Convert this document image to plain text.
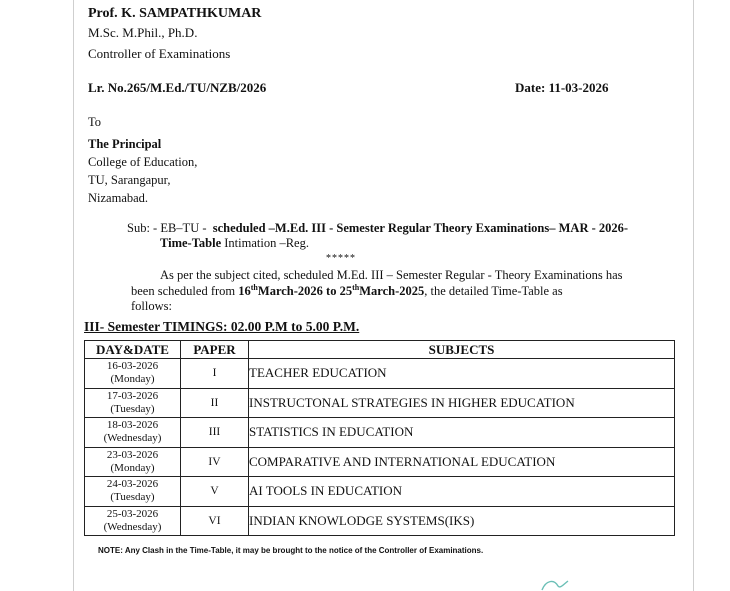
Prof. K. SAMPATHKUMAR
M.Sc. M.Phil., Ph.D.
Controller of Examinations
Lr. No.265/M.Ed./TU/NZB/2026	Date: 11-03-2026
To
The Principal
College of Education,
TU, Sarangapur,
Nizamabad.
Sub: - EB–TU - scheduled –M.Ed. III - Semester Regular Theory Examinations– MAR - 2026-
Time-Table Intimation –Reg.
*****
As per the subject cited, scheduled M.Ed. III – Semester Regular - Theory Examinations has
been scheduled from 16thMarch-2026 to 25thMarch-2025, the detailed Time-Table as
follows:
III- Semester TIMINGS: 02.00 P.M to 5.00 P.M.
DAY&DATE	PAPER	SUBJECTS

16-03-2026
(Monday)	I	TEACHER EDUCATION

17-03-2026
(Tuesday)	II	INSTRUCTONAL STRATEGIES IN HIGHER EDUCATION

18-03-2026
(Wednesday)	III	STATISTICS IN EDUCATION

23-03-2026
(Monday)	IV	COMPARATIVE AND INTERNATIONAL EDUCATION

24-03-2026
(Tuesday)	V	AI TOOLS IN EDUCATION

25-03-2026
(Wednesday)	VI	INDIAN KNOWLODGE SYSTEMS(IKS)
NOTE: Any Clash in the Time-Table, it may be brought to the notice of the Controller of Examinations.
